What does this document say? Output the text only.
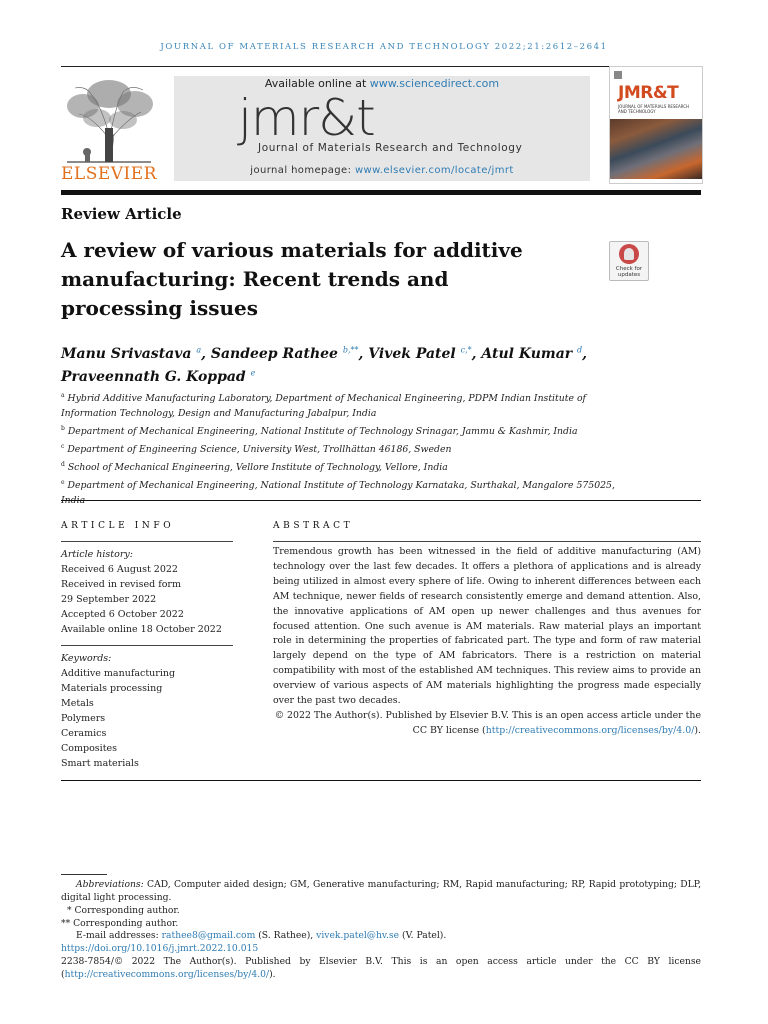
JOURNAL OF MATERIALS RESEARCH AND TECHNOLOGY 2022;21:2612–2641
ELSEVIER
Available online at www.sciencedirect.com
jmr&t
Journal of Materials Research and Technology
journal homepage: www.elsevier.com/locate/jmrt
JMR&T
JOURNAL OF MATERIALS RESEARCH AND TECHNOLOGY
Review Article
A review of various materials for additive manufacturing: Recent trends and processing issues
Check for updates
Manu Srivastava $^a$, Sandeep Rathee $^{b,**}$, Vivek Patel $^{c,*}$, Atul Kumar $^d$,
Praveennath G. Koppad $^e$
$^a$ Hybrid Additive Manufacturing Laboratory, Department of Mechanical Engineering, PDPM Indian Institute of Information Technology, Design and Manufacturing Jabalpur, India
$^b$ Department of Mechanical Engineering, National Institute of Technology Srinagar, Jammu & Kashmir, India
$^c$ Department of Engineering Science, University West, Trollhättan 46186, Sweden
$^d$ School of Mechanical Engineering, Vellore Institute of Technology, Vellore, India
$^e$ Department of Mechanical Engineering, National Institute of Technology Karnataka, Surthakal, Mangalore 575025, India
ARTICLE INFO
Article history:
Received 6 August 2022
Received in revised form
29 September 2022
Accepted 6 October 2022
Available online 18 October 2022
Keywords:
Additive manufacturing
Materials processing
Metals
Polymers
Ceramics
Composites
Smart materials
ABSTRACT
Tremendous growth has been witnessed in the field of additive manufacturing (AM) technology over the last few decades. It offers a plethora of applications and is already being utilized in almost every sphere of life. Owing to inherent differences between each AM technique, newer fields of research consistently emerge and demand attention. Also, the innovative applications of AM open up newer challenges and thus avenues for focused attention. One such avenue is AM materials. Raw material plays an important role in determining the properties of fabricated part. The type and form of raw material largely depend on the type of AM fabricators. There is a restriction on material compatibility with most of the established AM techniques. This review aims to provide an overview of various aspects of AM materials highlighting the progress made especially over the past two decades.
© 2022 The Author(s). Published by Elsevier B.V. This is an open access article under the CC BY license (http://creativecommons.org/licenses/by/4.0/).
Abbreviations: CAD, Computer aided design; GM, Generative manufacturing; RM, Rapid manufacturing; RP, Rapid prototyping; DLP, digital light processing.
* Corresponding author.
** Corresponding author.
E-mail addresses: rathee8@gmail.com (S. Rathee), vivek.patel@hv.se (V. Patel).
https://doi.org/10.1016/j.jmrt.2022.10.015
2238-7854/© 2022 The Author(s). Published by Elsevier B.V. This is an open access article under the CC BY license (http://creativecommons.org/licenses/by/4.0/).
